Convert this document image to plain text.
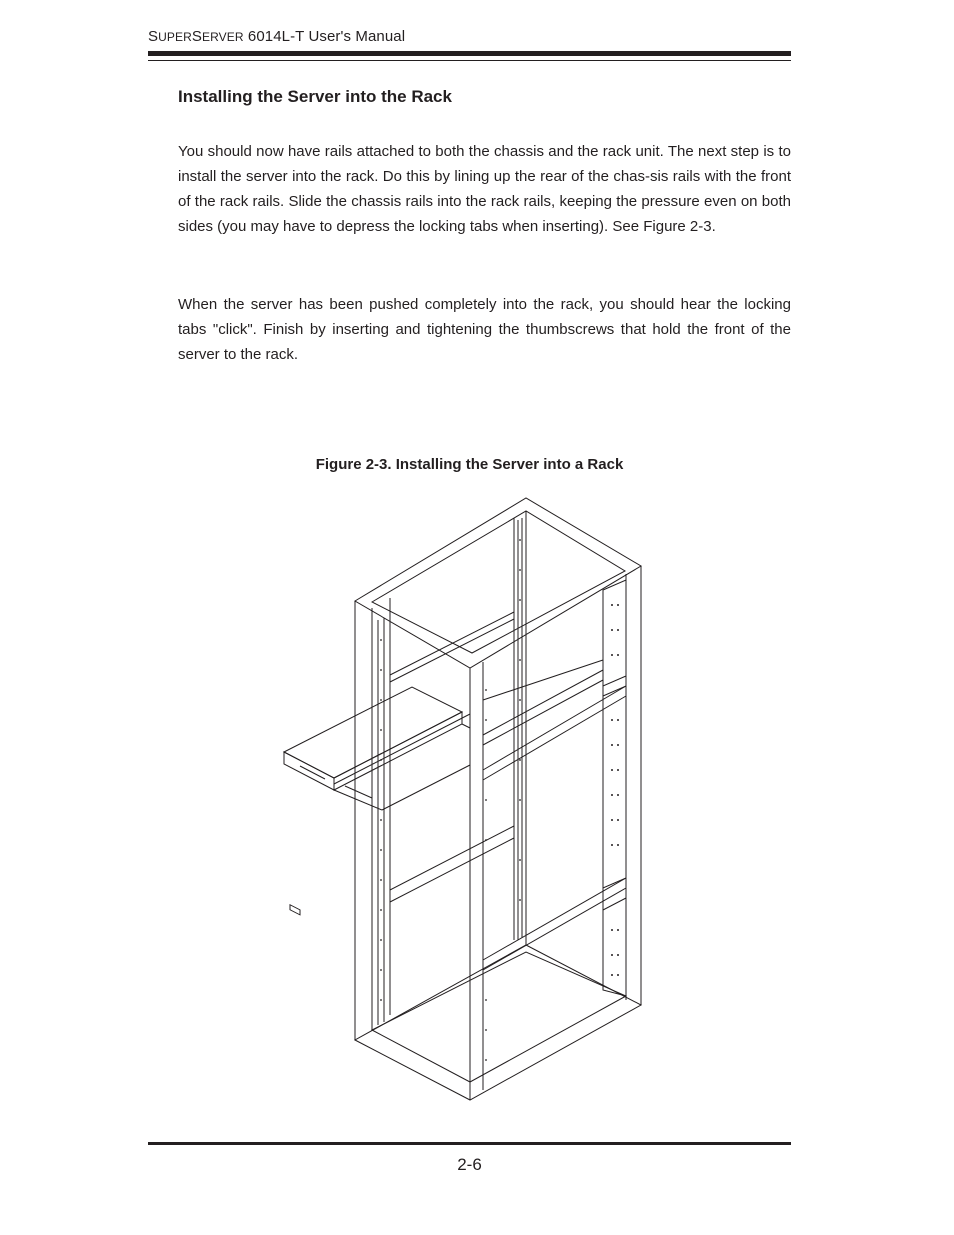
SUPERSERVER 6014L-T User's Manual
Installing the Server into the Rack

You should now have rails attached to both the chassis and the rack unit. The next step is to install the server into the rack. Do this by lining up the rear of the chas-sis rails with the front of the rack rails. Slide the chassis rails into the rack rails, keeping the pressure even on both sides (you may have to depress the locking tabs when inserting). See Figure 2-3.

When the server has been pushed completely into the rack, you should hear the locking tabs "click". Finish by inserting and tightening the thumbscrews that hold the front of the server to the rack.

Figure 2-3. Installing the Server into a Rack
2-6
